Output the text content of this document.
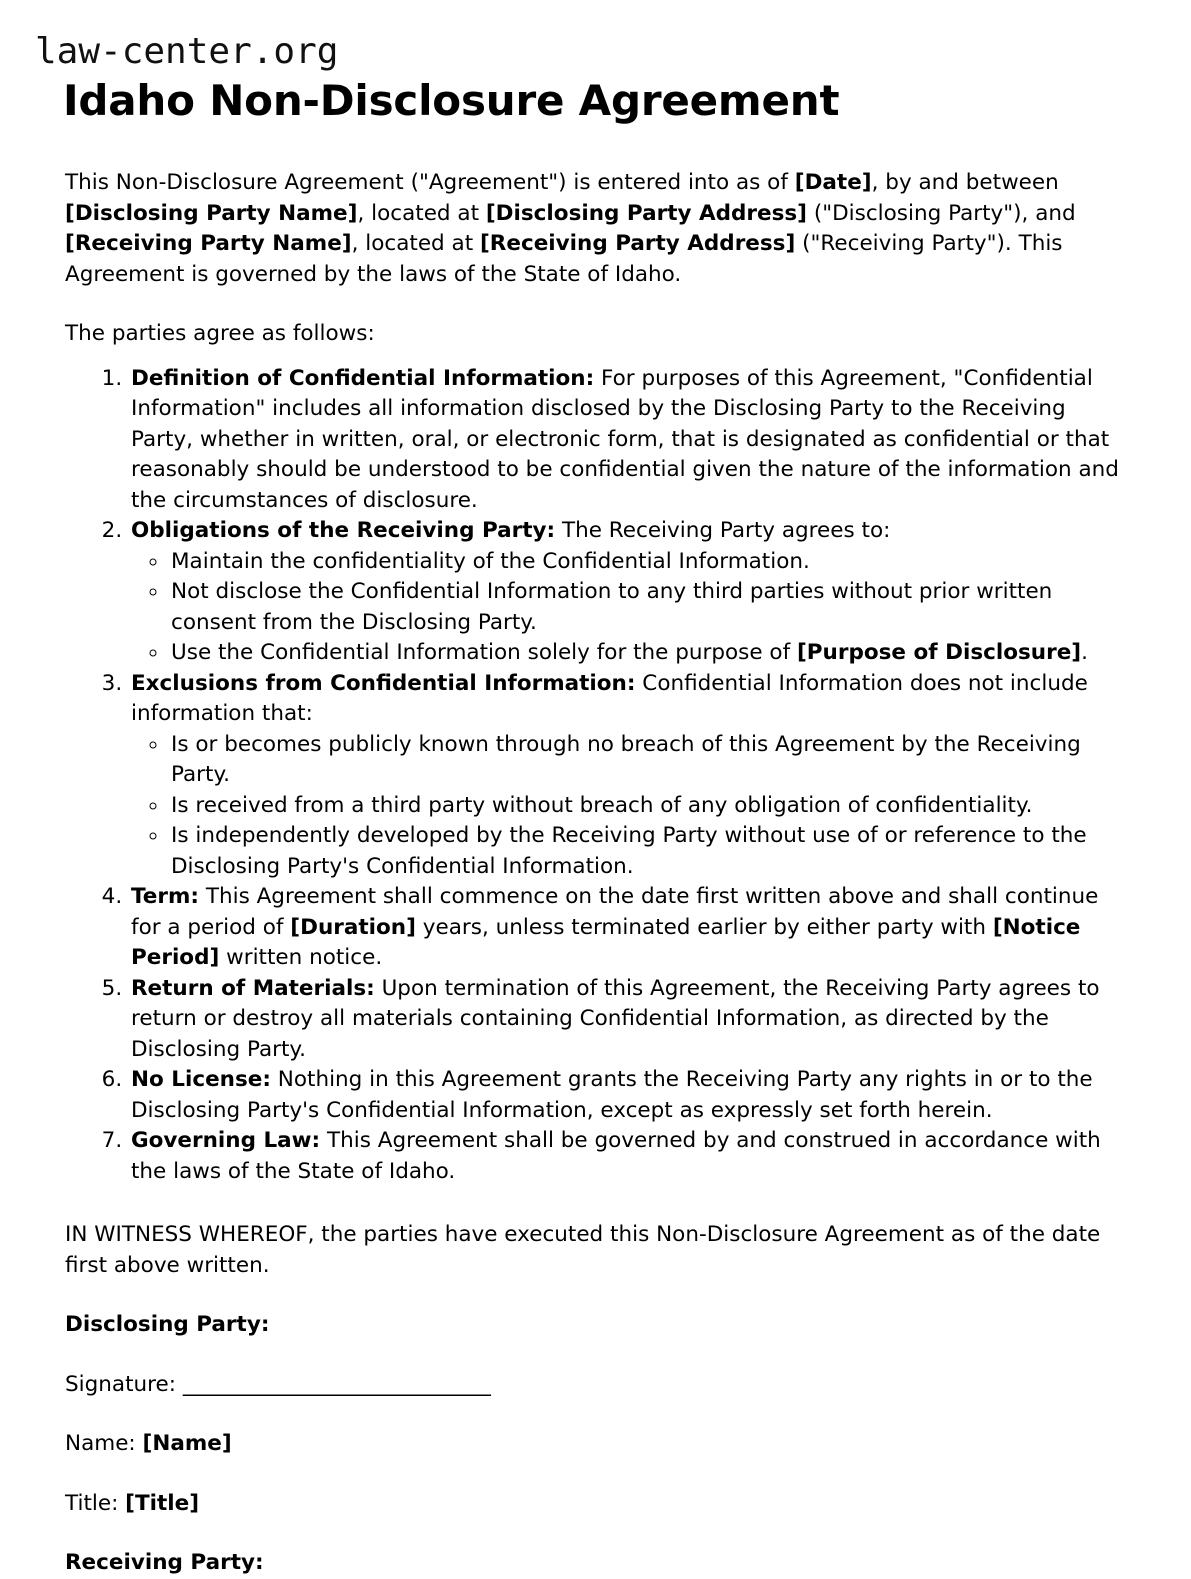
law-center.org
Idaho Non-Disclosure Agreement

This Non-Disclosure Agreement ("Agreement") is entered into as of [Date], by and between [Disclosing Party Name], located at [Disclosing Party Address] ("Disclosing Party"), and [Receiving Party Name], located at [Receiving Party Address] ("Receiving Party"). This Agreement is governed by the laws of the State of Idaho.

The parties agree as follows:

1. Definition of Confidential Information: For purposes of this Agreement, "Confidential Information" includes all information disclosed by the Disclosing Party to the Receiving Party, whether in written, oral, or electronic form, that is designated as confidential or that reasonably should be understood to be confidential given the nature of the information and the circumstances of disclosure.
2. Obligations of the Receiving Party: The Receiving Party agrees to:
◦ Maintain the confidentiality of the Confidential Information.
◦ Not disclose the Confidential Information to any third parties without prior written consent from the Disclosing Party.
◦ Use the Confidential Information solely for the purpose of [Purpose of Disclosure].
3. Exclusions from Confidential Information: Confidential Information does not include information that:
◦ Is or becomes publicly known through no breach of this Agreement by the Receiving Party.
◦ Is received from a third party without breach of any obligation of confidentiality.
◦ Is independently developed by the Receiving Party without use of or reference to the Disclosing Party's Confidential Information.
4. Term: This Agreement shall commence on the date first written above and shall continue for a period of [Duration] years, unless terminated earlier by either party with [Notice Period] written notice.
5. Return of Materials: Upon termination of this Agreement, the Receiving Party agrees to return or destroy all materials containing Confidential Information, as directed by the Disclosing Party.
6. No License: Nothing in this Agreement grants the Receiving Party any rights in or to the Disclosing Party's Confidential Information, except as expressly set forth herein.
7. Governing Law: This Agreement shall be governed by and construed in accordance with the laws of the State of Idaho.

IN WITNESS WHEREOF, the parties have executed this Non-Disclosure Agreement as of the date first above written.

Disclosing Party:

Signature: ______________________________

Name: [Name]

Title: [Title]

Receiving Party:
